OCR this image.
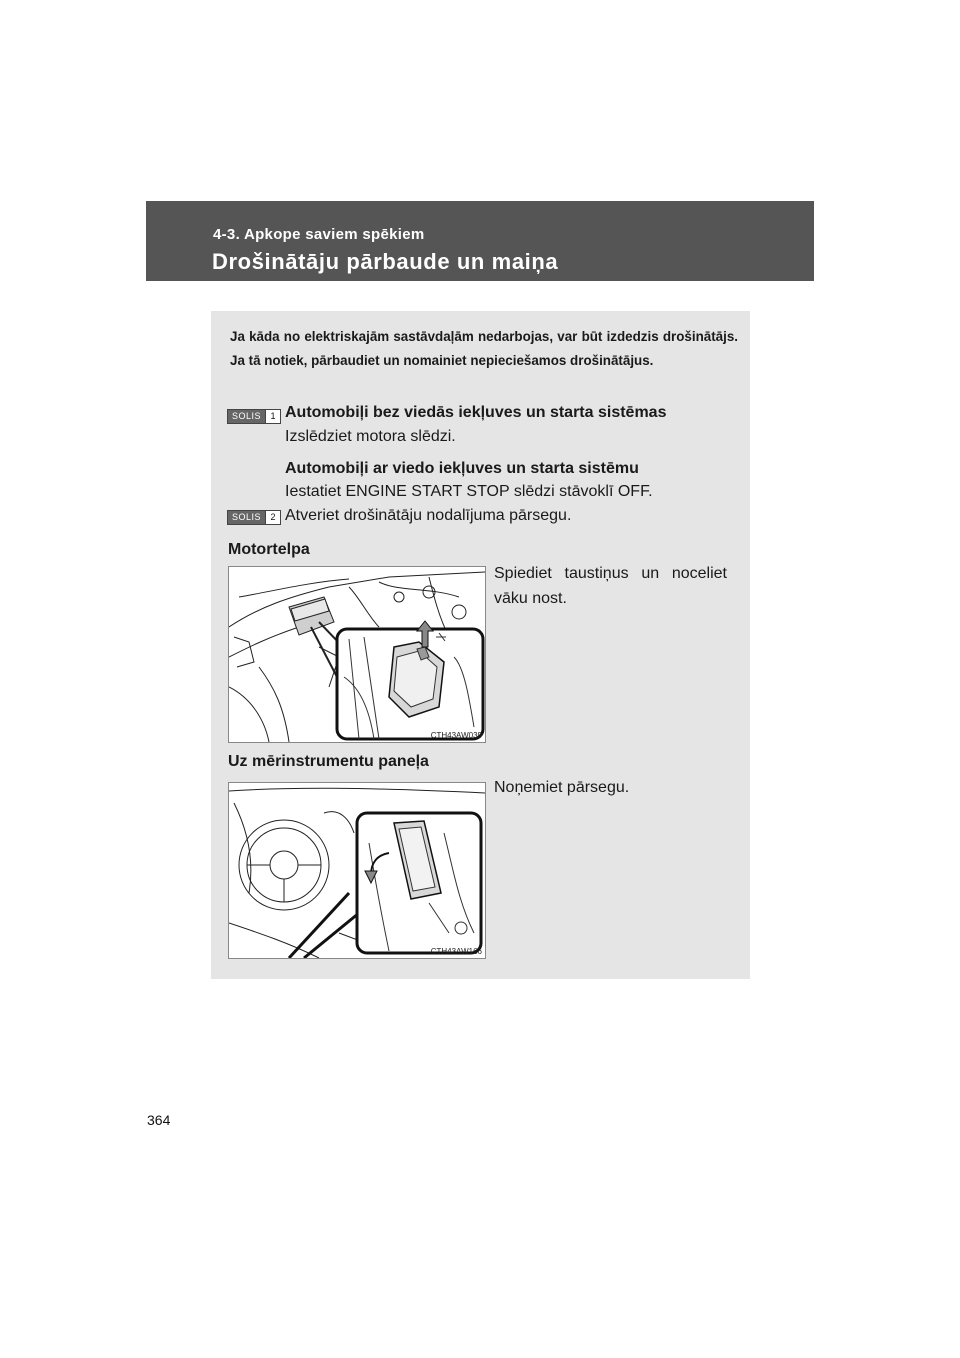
4-3. Apkope saviem spēkiem
Drošinātāju pārbaude un maiņa
Ja kāda no elektriskajām sastāvdaļām nedarbojas, var būt izdedzis drošinātājs. Ja tā notiek, pārbaudiet un nomainiet nepieciešamos drošinātājus.
SOLIS	1 Automobiļi bez viedās iekļuves un starta sistēmas
Izslēdziet motora slēdzi.
Automobiļi ar viedo iekļuves un starta sistēmu
Iestatiet ENGINE START STOP slēdzi stāvoklī OFF.
SOLIS	2 Atveriet drošinātāju nodalījuma pārsegu.
Motortelpa
Spiediet taustiņus un noceliet
vāku nost.
CTH43AW039
Uz mērinstrumentu paneļa
Noņemiet pārsegu.
CTH43AW166
364
